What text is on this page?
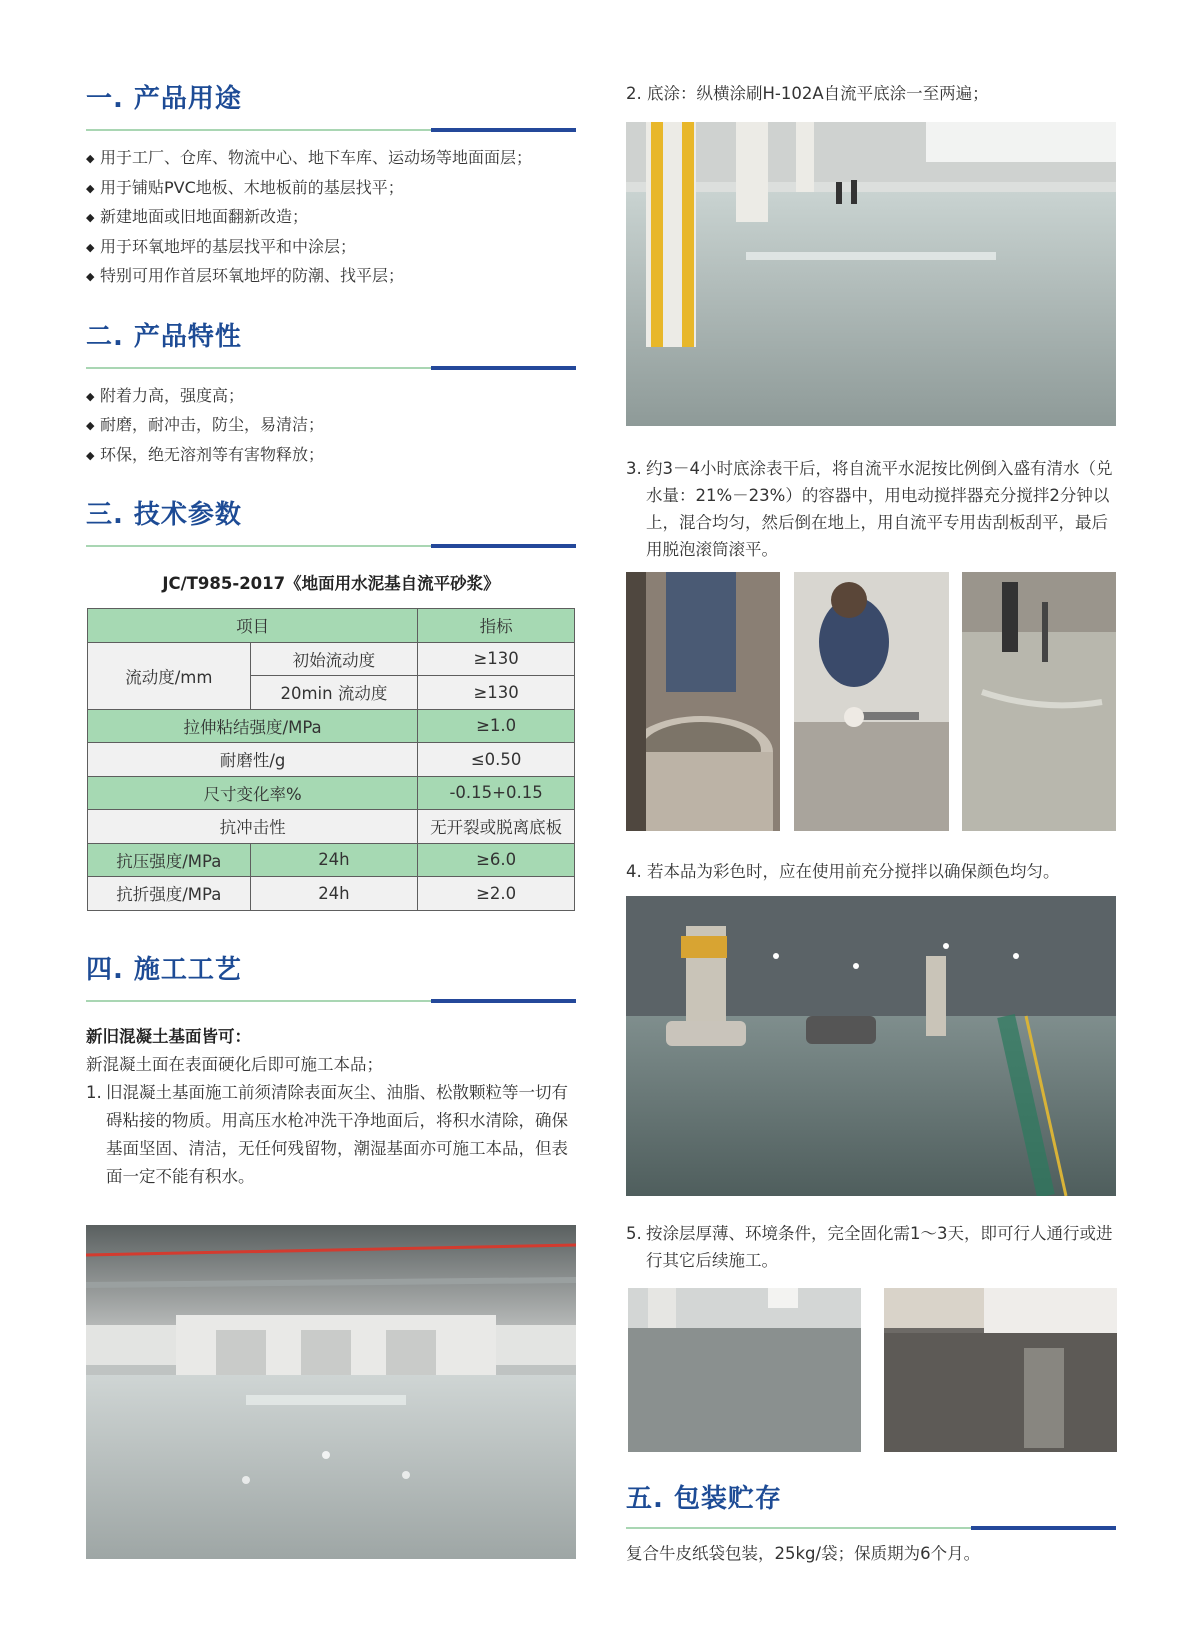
一. 产品用途
◆ 用于工厂、仓库、物流中心、地下车库、运动场等地面面层；
◆ 用于铺贴PVC地板、木地板前的基层找平；
◆ 新建地面或旧地面翻新改造；
◆ 用于环氧地坪的基层找平和中涂层；
◆ 特别可用作首层环氧地坪的防潮、找平层；
二. 产品特性
◆ 附着力高，强度高；
◆ 耐磨，耐冲击，防尘，易清洁；
◆ 环保，绝无溶剂等有害物释放；
三. 技术参数

JC/T985-2017《地面用水泥基自流平砂浆》

项目		指标
流动度/mm	初始流动度	≥130
	20min 流动度	≥130
拉伸粘结强度/MPa		≥1.0
耐磨性/g		≤0.50
尺寸变化率%		-0.15+0.15
抗冲击性		无开裂或脱离底板
抗压强度/MPa	24h	≥6.0
抗折强度/MPa	24h	≥2.0
四. 施工工艺

新旧混凝土基面皆可：

新混凝土面在表面硬化后即可施工本品；

1. 旧混凝土基面施工前须清除表面灰尘、油脂、松散颗粒等一切有碍粘接的物质。用高压水枪冲洗干净地面后，将积水清除，确保基面坚固、清洁，无任何残留物，潮湿基面亦可施工本品，但表面一定不能有积水。
2. 底涂：纵横涂刷H-102A自流平底涂一至两遍；
3. 约3－4小时底涂表干后，将自流平水泥按比例倒入盛有清水（兑水量：21%－23%）的容器中，用电动搅拌器充分搅拌2分钟以上，混合均匀，然后倒在地上，用自流平专用齿刮板刮平，最后用脱泡滚筒滚平。
4. 若本品为彩色时，应在使用前充分搅拌以确保颜色均匀。
5. 按涂层厚薄、环境条件，完全固化需1～3天，即可行人通行或进行其它后续施工。
五. 包装贮存

复合牛皮纸袋包装，25kg/袋；保质期为6个月。
